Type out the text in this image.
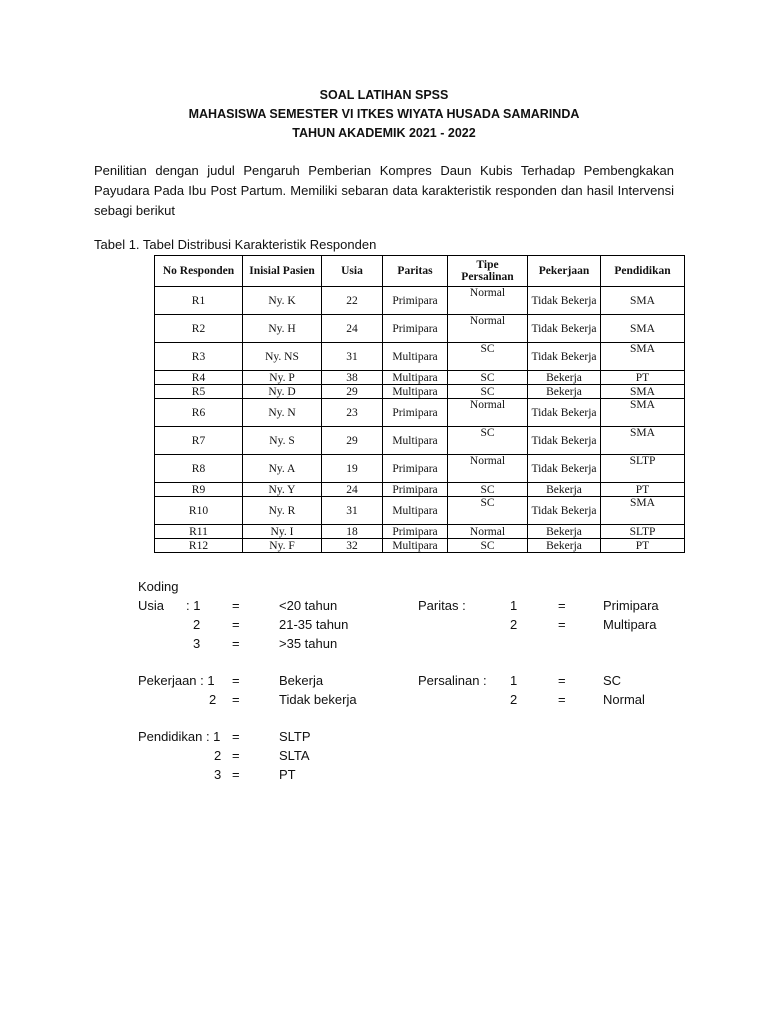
SOAL LATIHAN SPSS
MAHASISWA SEMESTER VI ITKES WIYATA HUSADA SAMARINDA
TAHUN AKADEMIK 2021 - 2022
Penilitian dengan judul Pengaruh Pemberian Kompres Daun Kubis Terhadap Pembengkakan Payudara Pada Ibu Post Partum. Memiliki sebaran data karakteristik responden dan hasil Intervensi sebagi berikut
Tabel 1. Tabel Distribusi Karakteristik Responden
No Responden	Inisial Pasien	Usia	Paritas	Tipe Persalinan	Pekerjaan	Pendidikan
R1	Ny. K	22	Primipara	Normal	Tidak Bekerja	SMA
R2	Ny. H	24	Primipara	Normal	Tidak Bekerja	SMA
R3	Ny. NS	31	Multipara	SC	Tidak Bekerja	SMA
R4	Ny. P	38	Multipara	SC	Bekerja	PT
R5	Ny. D	29	Multipara	SC	Bekerja	SMA
R6	Ny. N	23	Primipara	Normal	Tidak Bekerja	SMA
R7	Ny. S	29	Multipara	SC	Tidak Bekerja	SMA
R8	Ny. A	19	Primipara	Normal	Tidak Bekerja	SLTP
R9	Ny. Y	24	Primipara	SC	Bekerja	PT
R10	Ny. R	31	Multipara	SC	Tidak Bekerja	SMA
R11	Ny. I	18	Primipara	Normal	Bekerja	SLTP
R12	Ny. F	32	Multipara	SC	Bekerja	PT
Koding
Usia : 1 =	<20 tahun
2 =	21-35 tahun
3 =	>35 tahun
Paritas :	1	=	Primipara
2	=	Multipara
Pekerjaan : 1 =	Bekerja
2 =	Tidak bekerja
Persalinan : 1	=	SC
2	=	Normal
Pendidikan : 1 =	SLTP
2 =	SLTA
3 =	PT
